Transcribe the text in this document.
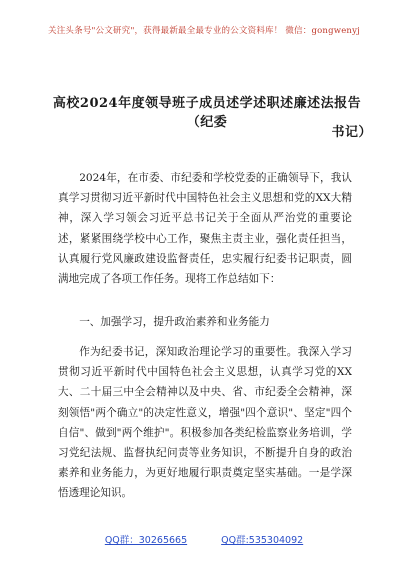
关注头条号"公文研究"，获得最新最全最专业的公文资料库！ 微信：gongwenyj
高校2024年度领导班子成员述学述职述廉述法报告（纪委
书记）

2024年，在市委、市纪委和学校党委的正确领导下，我认真学习贯彻习近平新时代中国特色社会主义思想和党的XX大精神，深入学习领会习近平总书记关于全面从严治党的重要论述，紧紧围绕学校中心工作，聚焦主责主业，强化责任担当，认真履行党风廉政建设监督责任，忠实履行纪委书记职责，圆满地完成了各项工作任务。现将工作总结如下：

一、加强学习，提升政治素养和业务能力

作为纪委书记，深知政治理论学习的重要性。我深入学习贯彻习近平新时代中国特色社会主义思想，认真学习党的XX大、二十届三中全会精神以及中央、省、市纪委全会精神，深刻领悟"两个确立"的决定性意义，增强"四个意识"、坚定"四个自信"、做到"两个维护"。积极参加各类纪检监察业务培训，学习党纪法规、监督执纪问责等业务知识，不断提升自身的政治素养和业务能力，为更好地履行职责奠定坚实基础。一是学深悟透理论知识。

QQ群：30265665	QQ群:535304092
